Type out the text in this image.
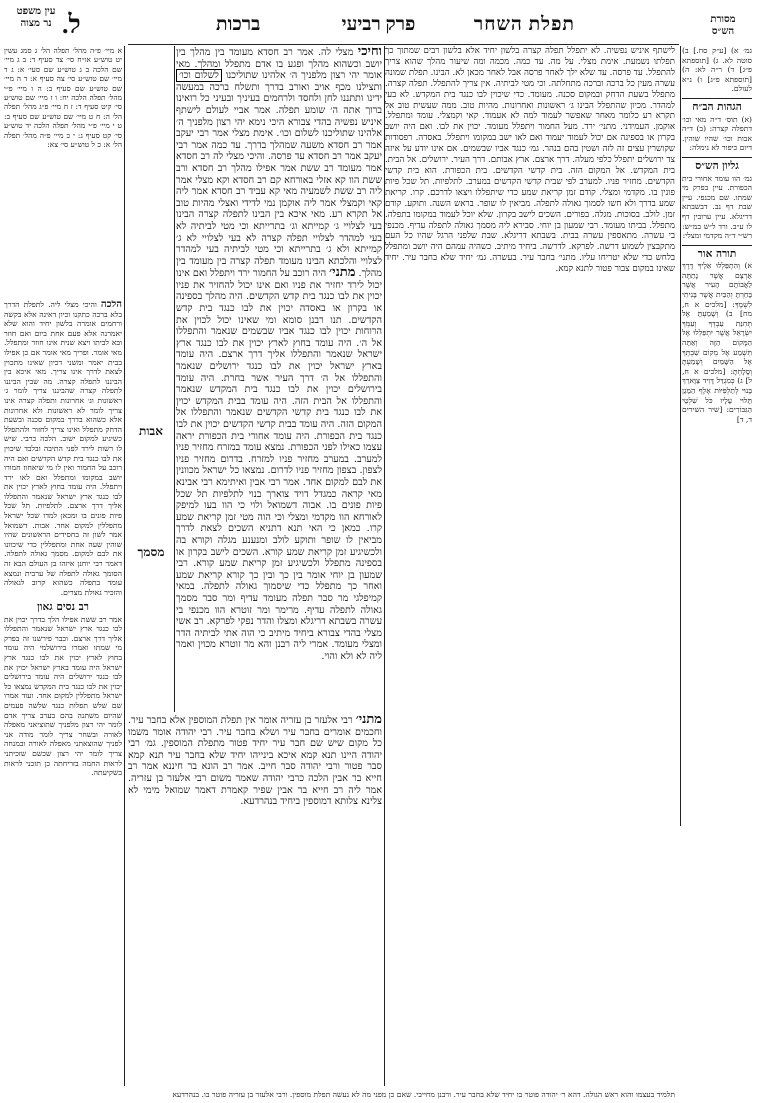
מסורת
הש״ס
תפלת השחר
פרק רביעי
ברכות
ל.
עין משפט
נר מצוה

גמ׳ א) [ע״ק סח.] ב) סוטה לא. ג) [תוספתא פ״ג] ד) ר״ה לא: ה) [תוספתא פ״ג] ו) נ״א לעולם.

הגהות הב״ח

(א) תוס׳ ד״ה מאי וכו׳ דתפלה קצרה: (ב) ד״ה אבות וכו׳ שהיו שוהין. דיום כיפור לא נימלה:

גליון הש״ס

גמ׳ הוו עומד אחורי בית הכפורת. עיין בפרק מי שמתו. שם מכנפי. עיין שבת דף נב. דבשבתא דריגלא. עיין ערובין דף לו ע״ב. ורד ל״ש במ״ש: רש״י ד״ה מקדמי ומצלי:

תורה אור

א) וְהִתְפַּלְלוּ אֵלֶיךָ דֶּרֶךְ אַרְצָם אֲשֶׁר נָתַתָּה לַאֲבוֹתָם הָעִיר אֲשֶׁר בָּחַרְתָּ וְהַבַּיִת אֲשֶׁר בָּנִיתִי לִשְׁמֶךָ: [מלכים א ח, מח] ב) וְשָׁמַעְתָּ אֶל תְּחִנַּת עַבְדְּךָ וְעַמְּךָ יִשְׂרָאֵל אֲשֶׁר יִתְפַּלְלוּ אֶל הַמָּקוֹם הַזֶּה וְאַתָּה תִּשְׁמַע אֶל מְקוֹם שִׁבְתְּךָ אֶל הַשָּׁמַיִם וְשָׁמַעְתָּ וְסָלָחְתָּ: [מלכים א ח, ל] ג) כְּמִגְדַּל דָּוִיד צַוָּארֵךְ בָּנוּי לְתַלְפִּיּוֹת אֶלֶף הַמָּגֵן תָּלוּי עָלָיו כֹּל שִׁלְטֵי הַגִּבּוֹרִים: [שיר השירים ד, ד]

לישתף איניש נפשיה. לא יתפלל תפלה קצרה בלשון יחיד אלא בלשון רבים שמתוך כך תפלתו נשמעת. אימת מצלי. על מה. עד כמה. מכמה ומה שיעור מהלך שהוא צריך להתפלל. עד פרסה. עד שלא ילך לאחר פרסה אבל לאחר מכאן לא. הבינו. תפלת שמונה עשרה מעין כל ברכה וברכה מתחלתה. וכי מטי לביתיה. אין צריך להתפלל. תפלה קצרה. מתפלל בשעת הדחק ובמקום סכנה. מעומד. כדי שיכוין לבו כנגד בית המקדש. לא בעי למהדר. מכיון שהתפלל הבינו ג׳ ראשונות ואחרונות. מהיות טוב. ממה שעשית טוב אל תקרא רע כלומר מאחר שאפשר לעמוד למה לא אעמוד. קאי וקמצלי. עומד ומתפלל. אוקמן. העמידני. מתני׳ ירד. מעל החמור ויתפלל מעומד. יכוין את לבו. ואם היה יושב בקרון או בספינה אם יכול לעמוד יעמוד ואם לאו ישב במקומו ויתפלל. באסדה. רפסודות שקושרין עצים זה לזה ושטין בהם בנהר. גמ׳ כנגד אביו שבשמים. אם אינו יודע על איזה צד ירושלים יתפלל כלפי מעלה. דרך ארצם. ארץ אבותם. דרך העיר. ירושלים. אל הבית. בית המקדש. אל המקום הזה. בית קדשי הקדשים. בית הכפורת. הוא בית קדשי הקדשים. מחזיר פניו. למערב לפי שבית קדשי הקדשים במערב. לתלפיות. תל שכל פיות פונין בו. מקדמי ומצלי. קודם זמן קריאת שמע כדי שיתפללו ויצאו לדרכם. קרו. קריאת שמע בדרך ולא חשו לסמוך גאולה לתפלה. מביאין לו שופר. בראש השנה. ותוקע. קודם זמן. לולב. בסוכות. מגלה. בפורים. השכים לישב בקרון. שלא יוכל לעמוד במקומו בתפלה. מתפלל. בביתו מעומד. רבי שמעון בן יוחי. סבירא ליה מסמך גאולה לתפלה עדיף. מכנפי בי עשרה. מתאספין עשרה בבית. בשבתא דריגלא. שבת שלפני הרגל שהיו כל העם מתקבצין לשמוע דרשה. לפרקא. לדרשה. ביחיד מיתיב. כשהיה עמהם היה יושב ומתפלל בלחש כדי שלא יטריחו עליו. מתני׳ בחבר עיר. בעשרה. גמ׳ יחיד שלא בחבר עיר. יחיד שאינו במקום צבור פטור לתנא קמא.

וחיכי מצלי לה. אמר רב חסדא מעומד בין מהלך בין יושב וכשהוא מהלך ופגע בו אדם מתפלל ומהלך. מאי אומר יהי רצון מלפניך ה׳ אלהינו שתוליכנו לשלום וכו׳ ותצילנו מכף אויב ואורב בדרך ותשלח ברכה במעשה ידינו ותתננו לחן ולחסד ולרחמים בעיניך ובעיני כל רואינו ברוך אתה ה׳ שומע תפלה. אמר אביי לעולם לישתף איניש נפשיה בהדי צבורא היכי נימא יהי רצון מלפניך ה׳ אלהינו שתוליכנו לשלום וכו׳. אימת מצלי אמר רבי יעקב אמר רב חסדא משעה שמהלך בדרך. עד כמה אמר רבי יעקב אמר רב חסדא עד פרסה. והיכי מצלי לה רב חסדא אמר מעומד רב ששת אמר אפילו מהלך רב חסדא ורב ששת הוו קא אזלי באורחא קם רב חסדא וקא מצלי אמר ליה רב ששת לשמעיה מאי קא עביד רב חסדא אמר ליה קאי וקמצלי אמר ליה אוקמן נמי לדידי ואצלי מהיות טוב אל תקרא רע. מאי איכא בין הבינו לתפלה קצרה הבינו בעי לצלויי ג׳ קמייתא וג׳ בתרייתא וכי מטי לביתיה לא בעי למהדר לצלויי תפלה קצרה לא בעי לצלויי לא ג׳ קמייתא ולא ג׳ בתרייתא וכי מטי לביתיה בעי למהדר לצלויי והלכתא הבינו מעומד תפלה קצרה בין מעומד בין מהלך. מתני׳ היה רוכב על החמור ירד ויתפלל ואם אינו יכול לירד יחזיר את פניו ואם אינו יכול להחזיר את פניו יכוין את לבו כנגד בית קדש הקדשים. היה מהלך בספינה או בקרון או באסדה יכוין את לבו כנגד בית קדש הקדשים. תנו רבנן סומא ומי שאינו יכול לכוין את הרוחות יכוין לבו כנגד אביו שבשמים שנאמר והתפללו אל ה׳. היה עומד בחוץ לארץ יכוין את לבו כנגד ארץ ישראל שנאמר והתפללו אליך דרך ארצם. היה עומד בארץ ישראל יכוין את לבו כנגד ירושלים שנאמר והתפללו אל ה׳ דרך העיר אשר בחרת. היה עומד בירושלים יכוין את לבו כנגד בית המקדש שנאמר והתפללו אל הבית הזה. היה עומד בבית המקדש יכוין את לבו כנגד בית קדשי הקדשים שנאמר והתפללו אל המקום הזה. היה עומד בבית קדשי הקדשים יכוין את לבו כנגד בית הכפורת. היה עומד אחורי בית הכפורת יראה עצמו כאילו לפני הכפורת. נמצא עומד במזרח מחזיר פניו למערב. במערב מחזיר פניו למזרח. בדרום מחזיר פניו לצפון. בצפון מחזיר פניו לדרום. נמצאו כל ישראל מכוונין את לבם למקום אחד. אמר רבי אבין ואיתימא רבי אבינא מאי קראה כמגדל דויד צוארך בנוי לתלפיות תל שכל פיות פונים בו. אבוה דשמואל ולוי כי הוו בעו למיפק לאורחא הוו מקדמי ומצלי וכי הוה מטי זמן קריאת שמע קרו. כמאן כי האי תנא דתניא השכים לצאת לדרך מביאין לו שופר ותוקע לולב ומנענע מגלה וקורא בה ולכשיגיע זמן קריאת שמע קורא. השכים לישב בקרון או בספינה מתפלל ולכשיגיע זמן קריאת שמע קורא. רבי שמעון בן יוחי אומר בין כך ובין כך קורא קריאת שמע ואחר כך מתפלל כדי שיסמוך גאולה לתפלה. במאי קמיפלגי מר סבר תפלה מעומד עדיף ומר סבר מסמך גאולה לתפלה עדיף. מרימר ומר זוטרא הוו מכנפי בי עשרה בשבתא דריגלא ומצלו והדר נפקי לפרקא. רב אשי מצלי בהדי צבורא ביחיד מיתיב כי הוה אתי לביתיה הדר ומצלי מעומד. אמרי ליה רבנן והא מר זוטרא מכוין ואמר ליה לא ולא והוי.

מתני׳ רבי אלעזר בן עזריה אומר אין תפלת המוספין אלא בחבר עיר. וחכמים אומרים בחבר עיר ושלא בחבר עיר. רבי יהודה אומר משמו כל מקום שיש שם חבר עיר יחיד פטור מתפלת המוספין. גמ׳ רבי יהודה היינו תנא קמא איכא בינייהו יחיד שלא בחבר עיר תנא קמא סבר פטור ורבי יהודה סבר חייב. אמר רב הונא בר חיננא אמר רב חייא בר אבין הלכה כרבי יהודה שאמר משום רבי אלעזר בן עזריה. אמר ליה רב חייא בר אבין שפיר קאמרת דאמר שמואל מימי לא צלינא צלותא דמוספין ביחיד בנהרדעא.

א מיי׳ פ״ה מהל׳ תפלה הל׳ ג סמג עשין יט טוש״ע או״ח סי׳ צד סעיף ד: ב ג מיי׳ שם הלכה ב ג טוש״ע שם סעי׳ א: ג ד מיי׳ שם טוש״ע סי׳ צה סעיף א: ד ה מיי׳ שם טוש״ע שם סעיף ב: ה ו מיי׳ פ״י מהל׳ תפלה הלכה יח: ו ז מיי׳ שם טוש״ע סי׳ קיט סעיף ד: ז ח מיי׳ פ״ג מהל׳ תפלה הל׳ ה: ח ט מיי׳ שם טוש״ע שם סעיף ב: ט י מיי׳ פ״י מהל׳ תפלה הלכה יד טוש״ע סי׳ קט סעיף ג: י כ מיי׳ פ״ה מהל׳ תפלה הל׳ א: כ ל טוש״ע סי׳ צא:

רב נסים גאון

אמר רב ששת אפילו הלך בדרך יכוין את לבו כנגד ארץ ישראל שנאמר והתפללו אליך דרך ארצם. וכבר פירשנו זה בפרק מי שמתו ואמרו בירושלמי היה עומד בחוץ לארץ יכוין את לבו כנגד ארץ ישראל היה עומד בארץ ישראל יכוין את לבו כנגד ירושלים היה עומד בירושלים יכוין את לבו כנגד בית המקדש נמצאו כל ישראל מתפללין למקום אחד. ועוד אמרו שם שלש תפלות כנגד שלשה פעמים שהיום משתנה בהם בערב צריך אדם לומר יהי רצון מלפניך שתוציאני מאפלה לאורה ובשחר צריך לומר מודה אני לפניך שהוצאתני מאפלה לאורה ובמנחה צריך לומר יהי רצון שכשם שזכיתני לראות החמה בזריחתה כן תזכני לראות בשקיעתה.

הלכה והיכי מצלי ליה. לתפלת הדרך בלא ברכה כתקנו וכיון דאינה אלא בקשה ורחמים אומרה בלשון יחיד והוא שלא יאמרנה אלא פעם אחת ביום ואם חוזר ובא לביתו ויצא שנית אינו חוזר ומתפלל. מאי אומר. ופריך מאי אומר אם כן אפילו בבית יאמר ומשני דכיון שאינו מתכוין לצאת לדרך אינו צריך. מאי איכא בין הביננו לתפלה קצרה. מה שבין הביננו לתפלה קצרה שהביננו צריך לומר ג׳ ראשונות וג׳ אחרונות ותפלה קצרה אינו צריך לומר לא ראשונות ולא אחרונות אלא כשהוא בדרך במקום סכנה ובשעת הדחק מתפלל ואינו צריך לחזור ולהתפלל כשיגיע למקום ישוב. הלכה כרבי. שיש לו רשות לירד לפני התיבה ובלבד שיכוין את לבו כנגד בית קדש הקדשים ואם היה רוכב על החמור ואין לו מי שיאחוז חמורו יושב במקומו ומתפלל ואם לאו ירד ויתפלל. היה עומד בחוץ לארץ יכוין את לבו כנגד ארץ ישראל שנאמר והתפללו אליך דרך ארצם. לתלפיות. תל שכל פיות פונים בו ומכאן למדו שכל ישראל מתפללין למקום אחד. אבות. דשמואל אמר לשון זה בחסידים הראשונים שהיו שוהין שעה אחת ומתפללין כדי שיכוונו את לבם למקום. מסמך גאולה לתפלה. דאמר רבי יוחנן איזהו בן העולם הבא זה הסומך גאולה לתפלה של ערבית ונמצא עומד בתפלה כשהוא קרוב לגאולה והזכיר גאולת מצרים.

אבות
מסמך
תלמיד בעצמו והוא ראש הגולה. דהא ר׳ יהודה פוטר בו יחיד שלא בחבר עיר. ורבנן מחייבי. שאם כן מפני מה לא נעשה תפלת מוספין. ורבי אלעזר בן עזריה פוטר בו. בנהרדעא
